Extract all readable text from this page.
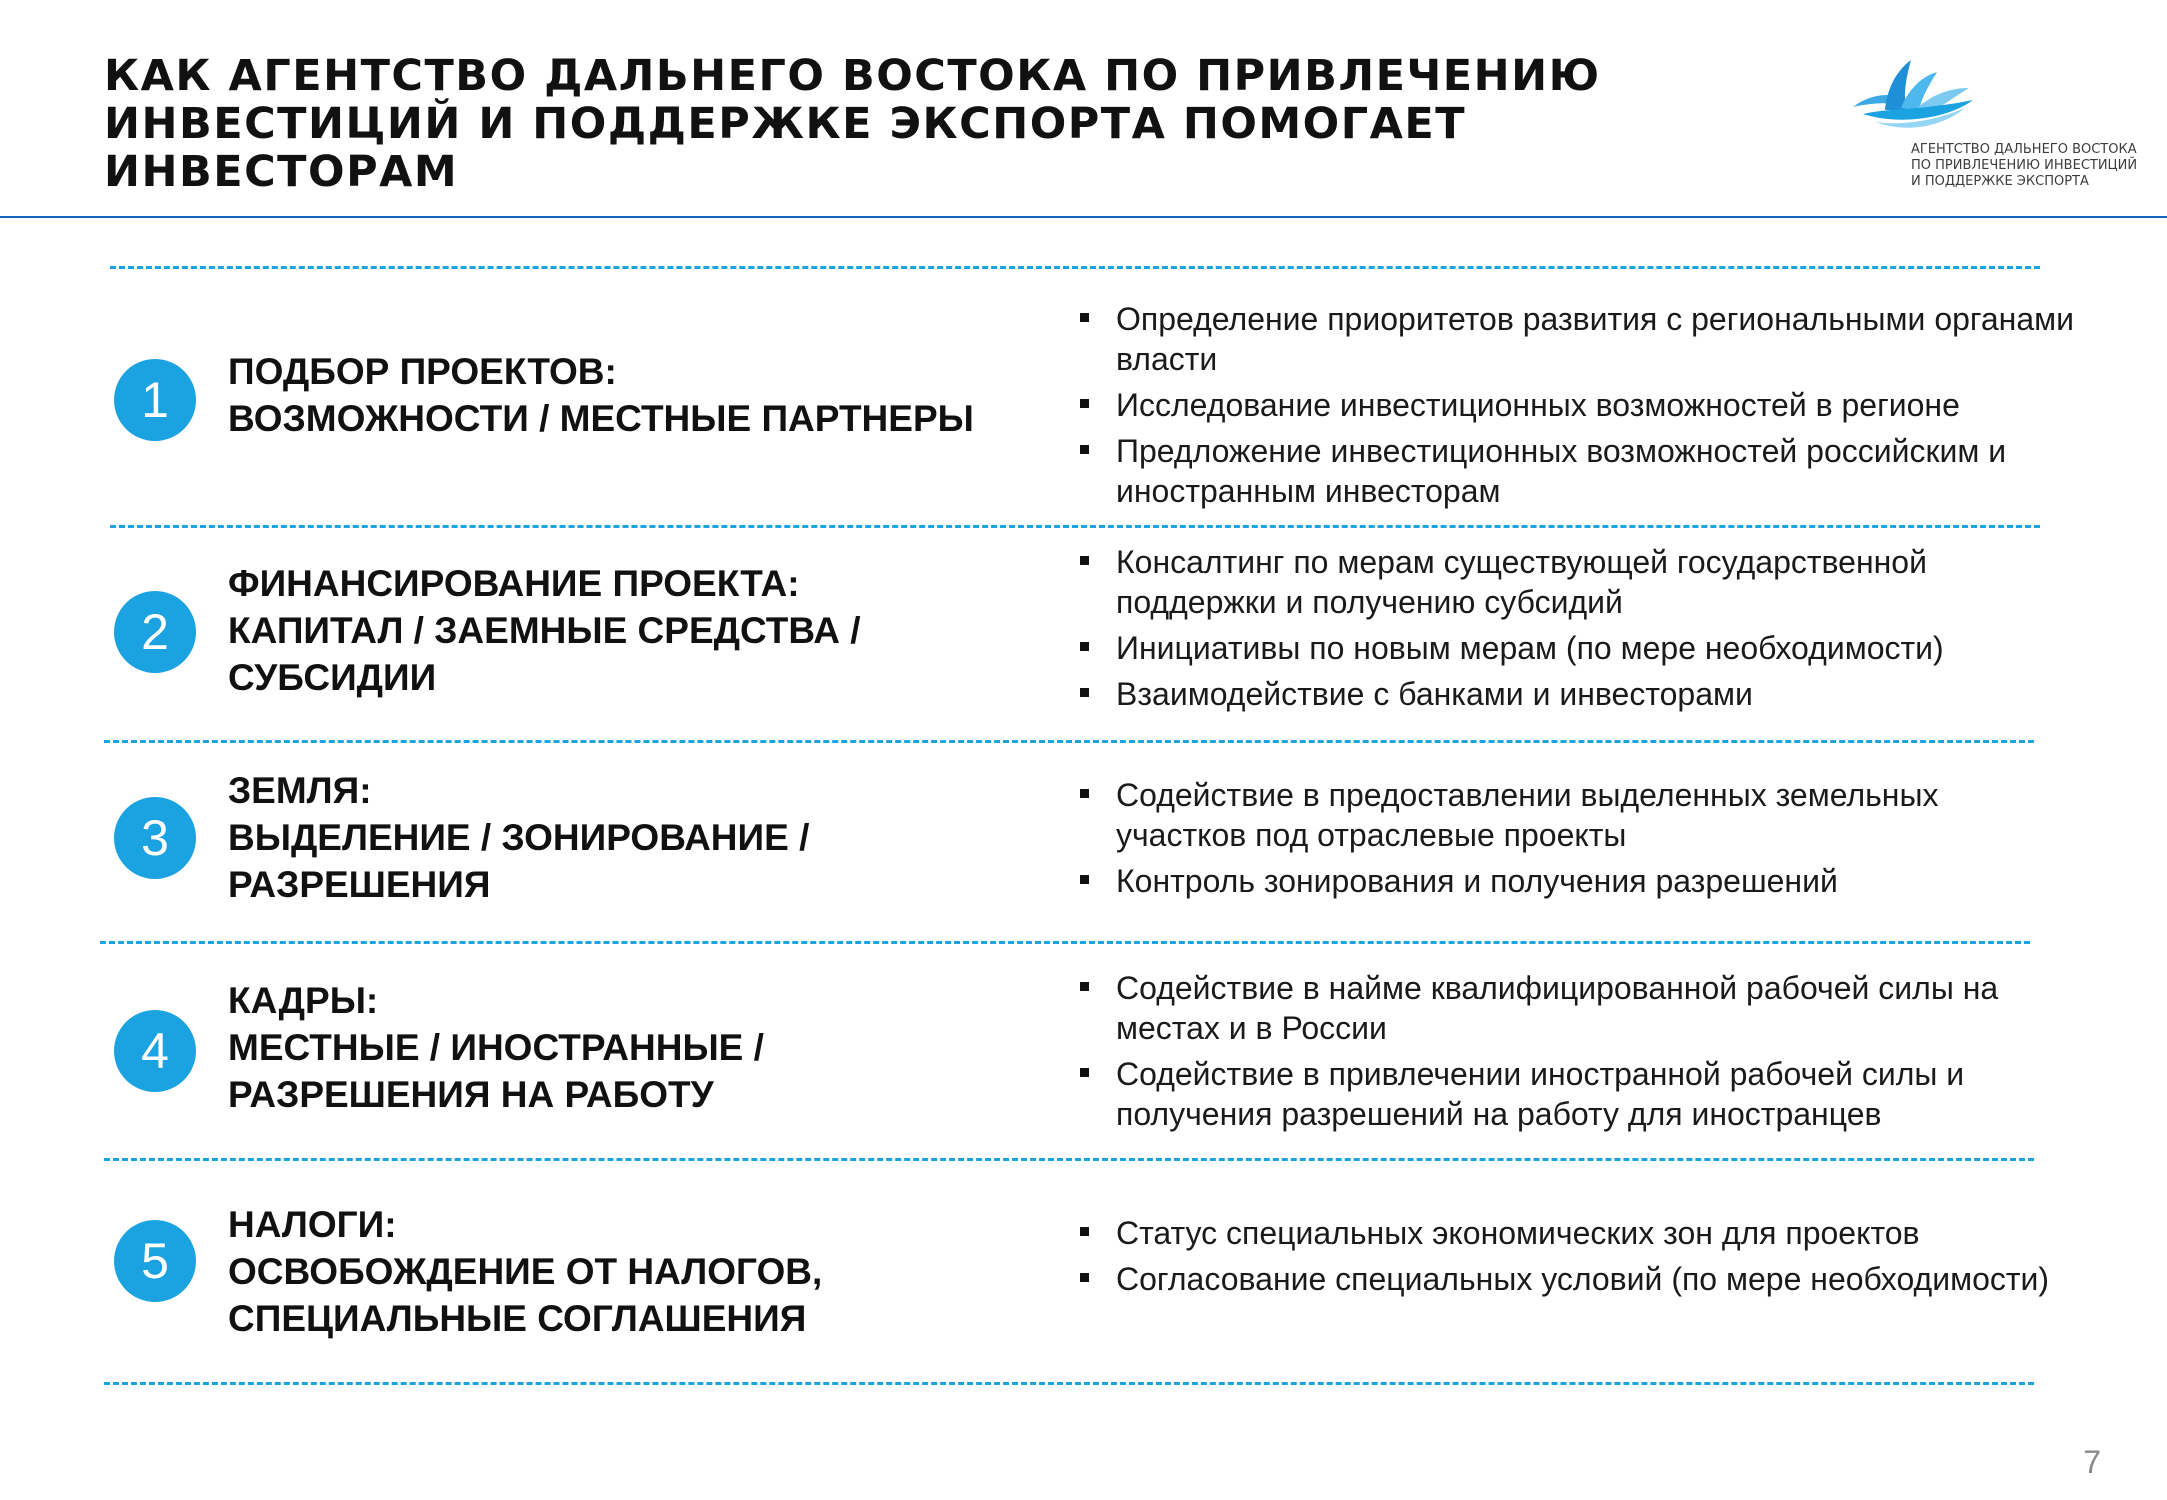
КАК АГЕНТСТВО ДАЛЬНЕГО ВОСТОКА ПО ПРИВЛЕЧЕНИЮ
ИНВЕСТИЦИЙ И ПОДДЕРЖКЕ ЭКСПОРТА ПОМОГАЕТ
ИНВЕСТОРАМ	АГЕНТСТВО ДАЛЬНЕГО ВОСТОКА
ПО ПРИВЛЕЧЕНИЮ ИНВЕСТИЦИЙ
И ПОДДЕРЖКЕ ЭКСПОРТА
1
ПОДБОР ПРОЕКТОВ:
ВОЗМОЖНОСТИ / МЕСТНЫЕ ПАРТНЕРЫ
Определение приоритетов развития с региональными органами власти
Исследование инвестиционных возможностей в регионе
Предложение инвестиционных возможностей российским и иностранным инвесторам
2
ФИНАНСИРОВАНИЕ ПРОЕКТА:
КАПИТАЛ / ЗАЕМНЫЕ СРЕДСТВА /
СУБСИДИИ
Консалтинг по мерам существующей государственной поддержки и получению субсидий
Инициативы по новым мерам (по мере необходимости)
Взаимодействие с банками и инвесторами
3
ЗЕМЛЯ:
ВЫДЕЛЕНИЕ / ЗОНИРОВАНИЕ /
РАЗРЕШЕНИЯ
Содействие в предоставлении выделенных земельных участков под отраслевые проекты
Контроль зонирования и получения разрешений
4
КАДРЫ:
МЕСТНЫЕ / ИНОСТРАННЫЕ /
РАЗРЕШЕНИЯ НА РАБОТУ
Содействие в найме квалифицированной рабочей силы на местах и в России
Содействие в привлечении иностранной рабочей силы и получения разрешений на работу для иностранцев
5
НАЛОГИ:
ОСВОБОЖДЕНИЕ ОТ НАЛОГОВ,
СПЕЦИАЛЬНЫЕ СОГЛАШЕНИЯ
Статус специальных экономических зон для проектов
Согласование специальных условий (по мере необходимости)
7
